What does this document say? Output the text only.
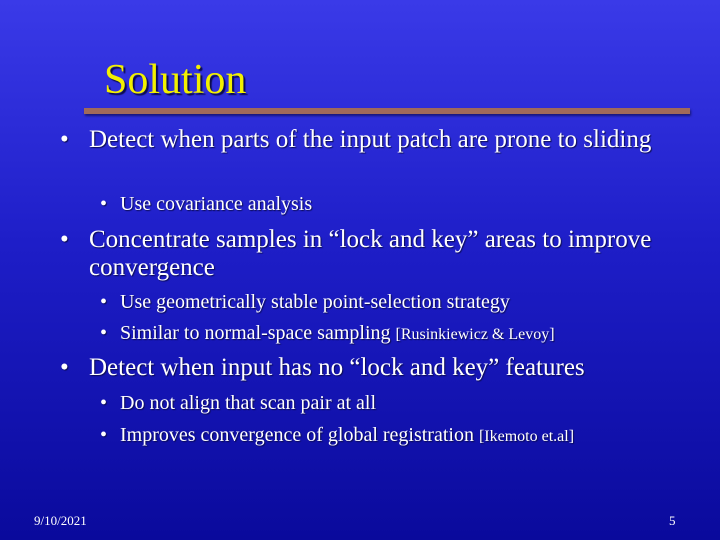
Solution
• Detect when parts of the input patch are prone to sliding
• Use covariance analysis
• Concentrate samples in “lock and key” areas to improve convergence
• Use geometrically stable point-selection strategy
• Similar to normal-space sampling [Rusinkiewicz & Levoy]
• Detect when input has no “lock and key” features
• Do not align that scan pair at all
• Improves convergence of global registration [Ikemoto et.al]
9/10/2021	5
